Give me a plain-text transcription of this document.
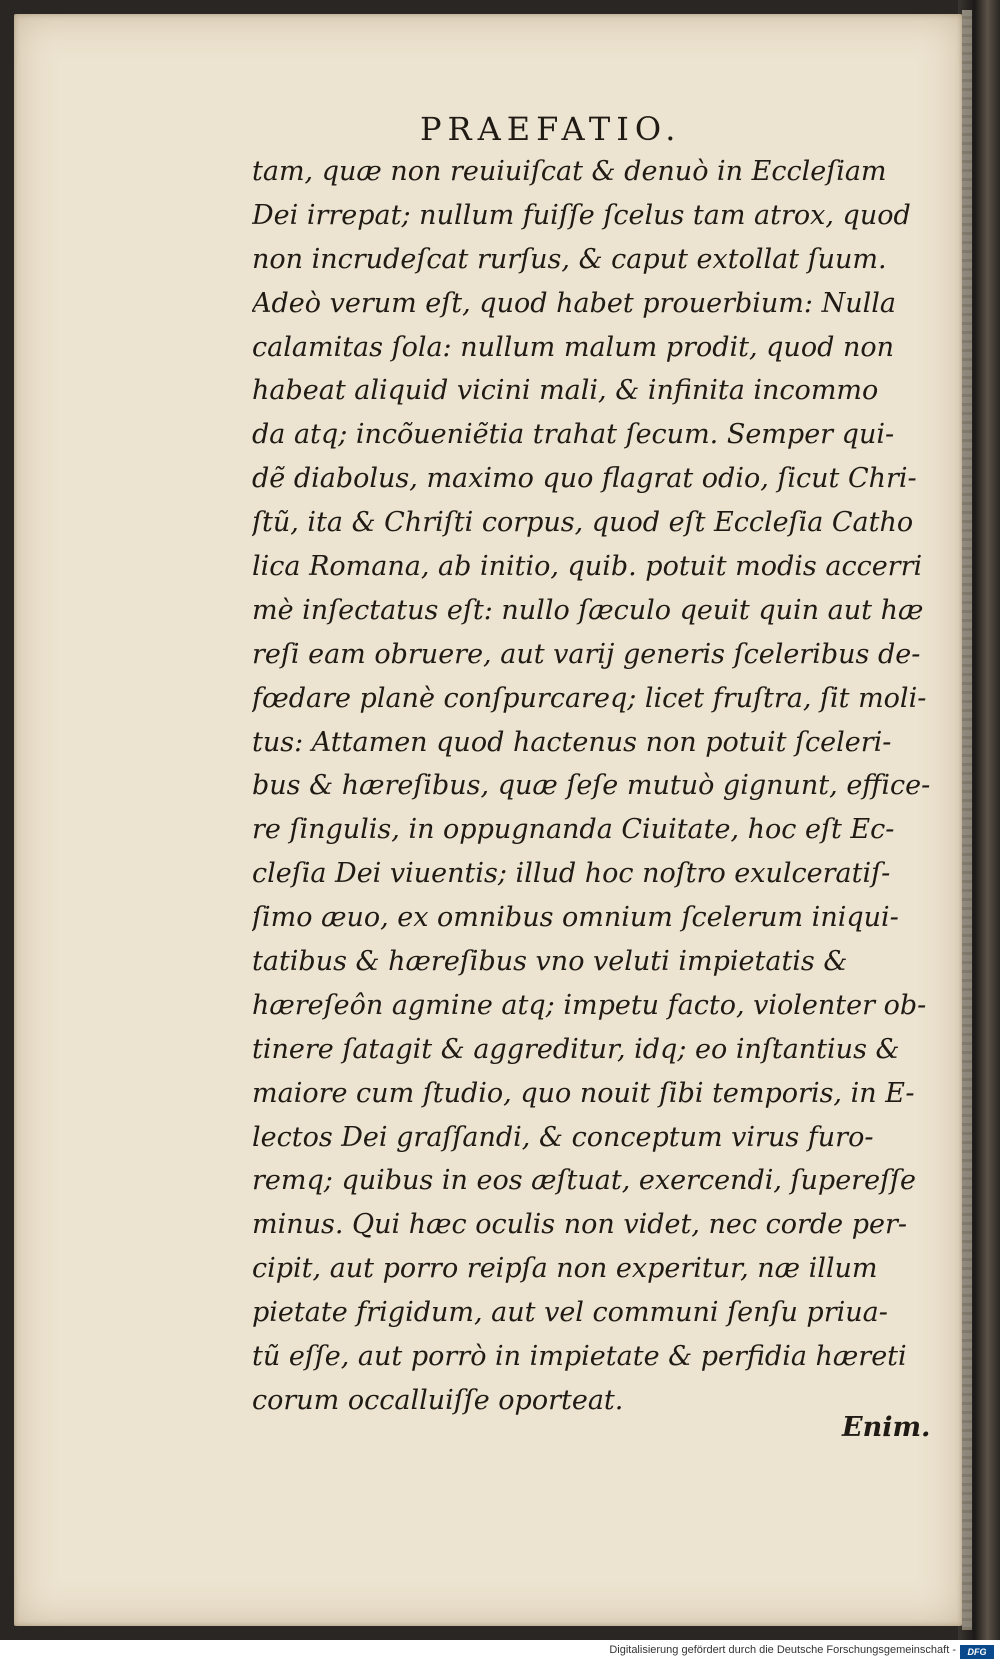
PRAEFATIO.
tam, quæ non reuiuiſcat & denuò in Eccleſiam
Dei irrepat; nullum fuiſſe ſcelus tam atrox, quod
non incrudeſcat rurſus, & caput extollat ſuum.
Adeò verum eſt, quod habet prouerbium: Nulla
calamitas ſola: nullum malum prodit, quod non
habeat aliquid vicini mali, & infinita incommo
da atq; incõueniẽtia trahat ſecum. Semper qui-
dẽ diabolus, maximo quo flagrat odio, ſicut Chri-
ſtũ, ita & Chriſti corpus, quod eſt Eccleſia Catho
lica Romana, ab initio, quib. potuit modis accerri
mè inſectatus eſt: nullo ſæculo qeuit quin aut hæ
reſi eam obruere, aut varij generis ſceleribus de-
fœdare planè conſpurcareq; licet fruſtra, ſit moli-
tus: Attamen quod hactenus non potuit ſceleri-
bus & hæreſibus, quæ ſeſe mutuò gignunt, effice-
re ſingulis, in oppugnanda Ciuitate, hoc eſt Ec-
cleſia Dei viuentis; illud hoc noſtro exulceratiſ-
ſimo æuo, ex omnibus omnium ſcelerum iniqui-
tatibus & hæreſibus vno veluti impietatis &
hæreſeôn agmine atq; impetu facto, violenter ob-
tinere ſatagit & aggreditur, idq; eo inſtantius &
maiore cum ſtudio, quo nouit ſibi temporis, in E-
lectos Dei graſſandi, & conceptum virus furo-
remq; quibus in eos æſtuat, exercendi, ſupereſſe
minus. Qui hæc oculis non videt, nec corde per-
cipit, aut porro reipſa non experitur, næ illum
pietate frigidum, aut vel communi ſenſu priua-
tũ eſſe, aut porrò in impietate & perfidia hæreti
corum occalluiſſe oporteat.
Enim.
Digitalisierung gefördert durch die Deutsche Forschungsgemeinschaft -	DFG
